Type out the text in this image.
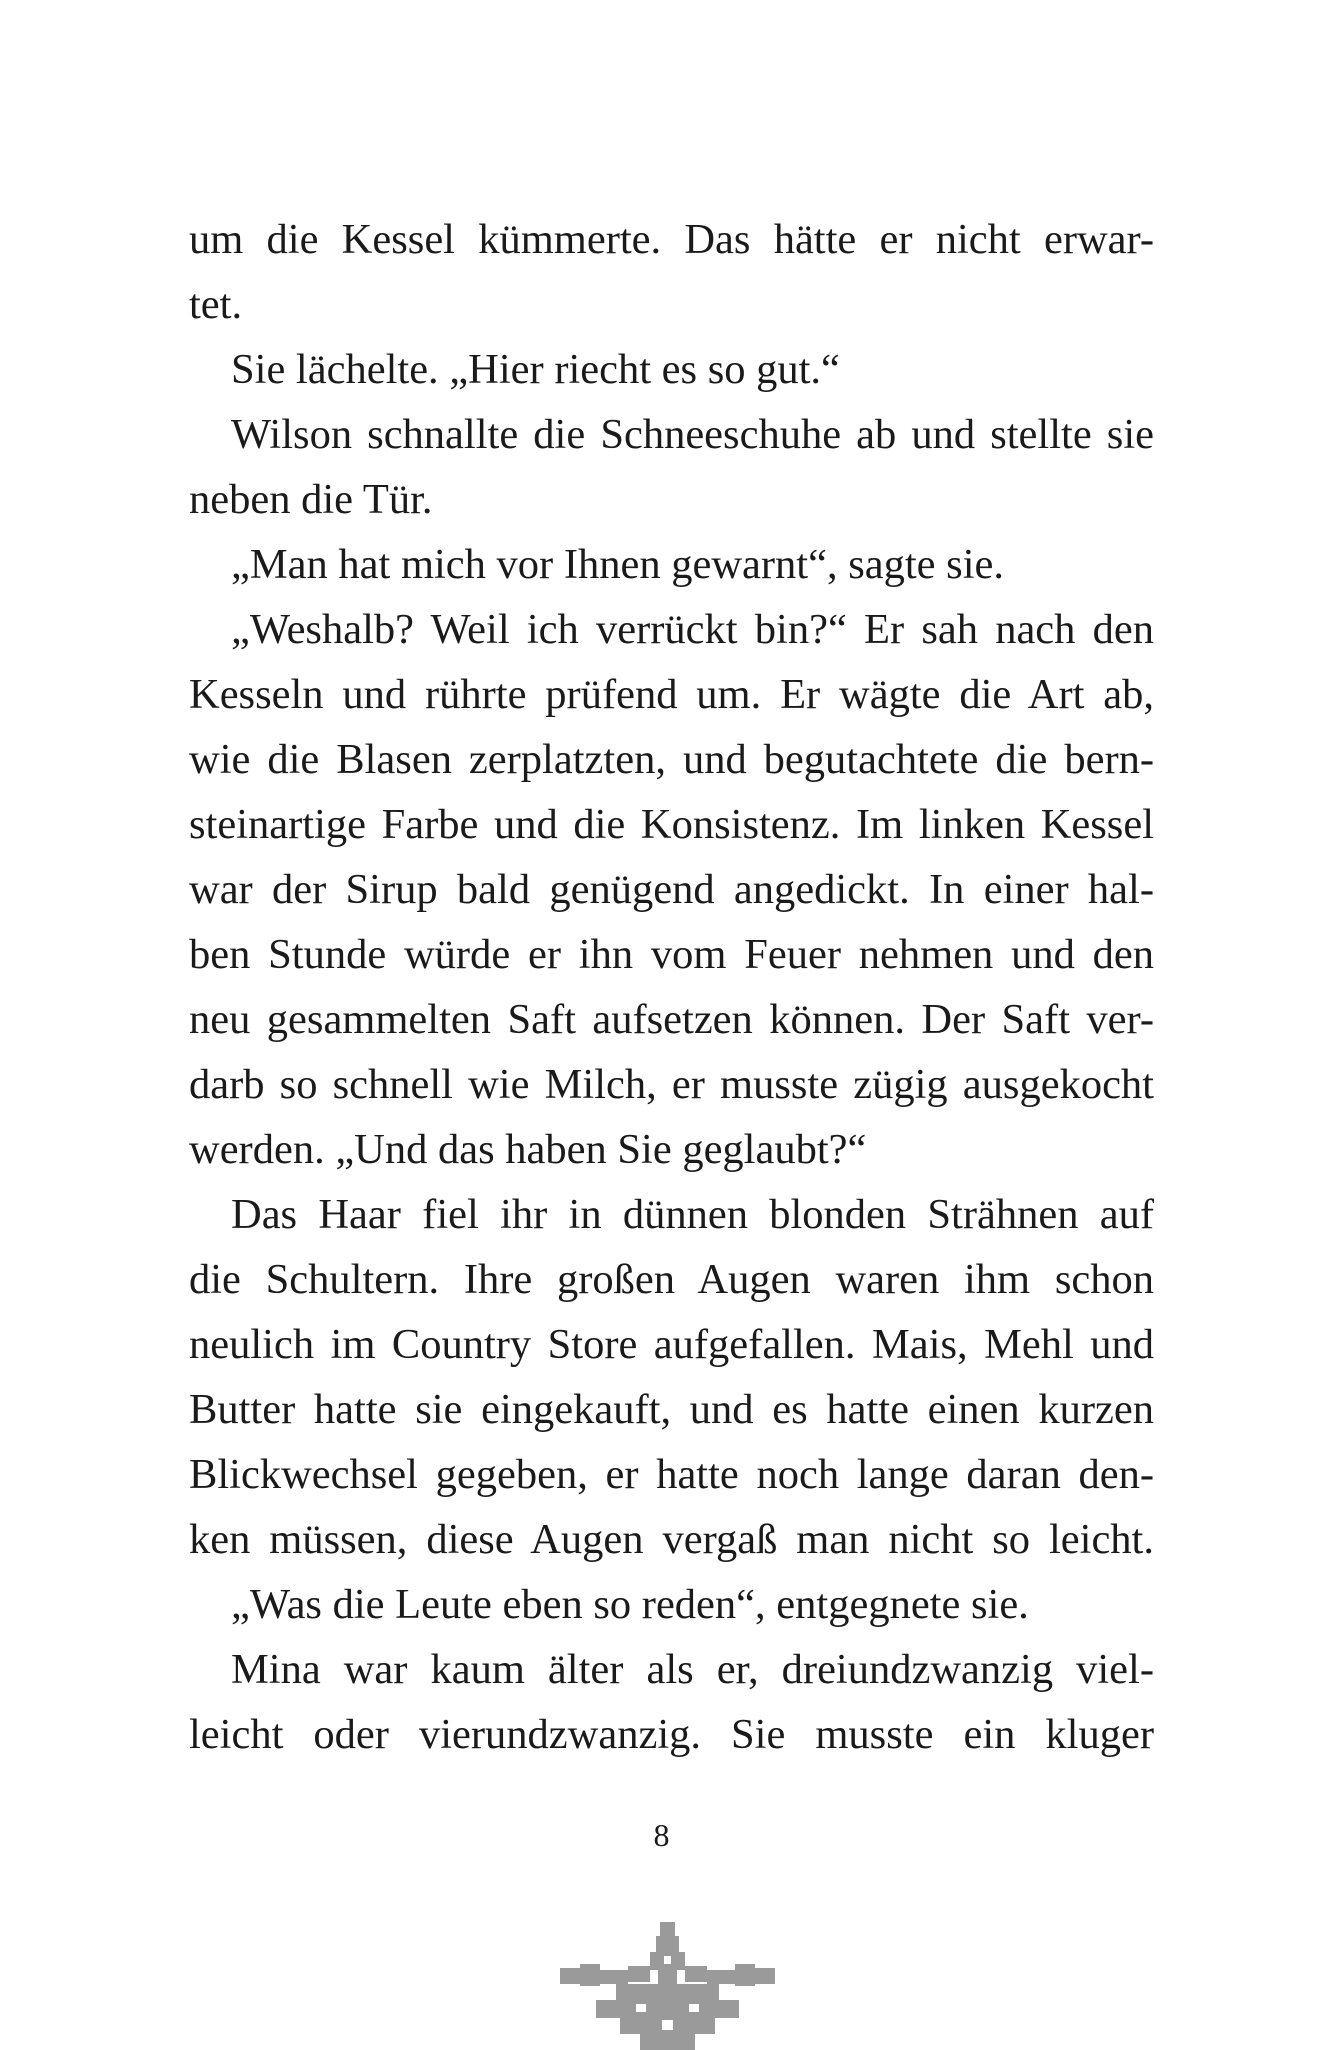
um die Kessel kümmerte. Das hätte er nicht erwar-
tet.
Sie lächelte. „Hier riecht es so gut.“
Wilson schnallte die Schneeschuhe ab und stellte sie
neben die Tür.
„Man hat mich vor Ihnen gewarnt“, sagte sie.
„Weshalb? Weil ich verrückt bin?“ Er sah nach den
Kesseln und rührte prüfend um. Er wägte die Art ab,
wie die Blasen zerplatzten, und begutachtete die bern-
steinartige Farbe und die Konsistenz. Im linken Kessel
war der Sirup bald genügend angedickt. In einer hal-
ben Stunde würde er ihn vom Feuer nehmen und den
neu gesammelten Saft aufsetzen können. Der Saft ver-
darb so schnell wie Milch, er musste zügig ausgekocht
werden. „Und das haben Sie geglaubt?“
Das Haar fiel ihr in dünnen blonden Strähnen auf
die Schultern. Ihre großen Augen waren ihm schon
neulich im Country Store aufgefallen. Mais, Mehl und
Butter hatte sie eingekauft, und es hatte einen kurzen
Blickwechsel gegeben, er hatte noch lange daran den-
ken müssen, diese Augen vergaß man nicht so leicht.
„Was die Leute eben so reden“, entgegnete sie.
Mina war kaum älter als er, dreiundzwanzig viel-
leicht oder vierundzwanzig. Sie musste ein kluger
8
